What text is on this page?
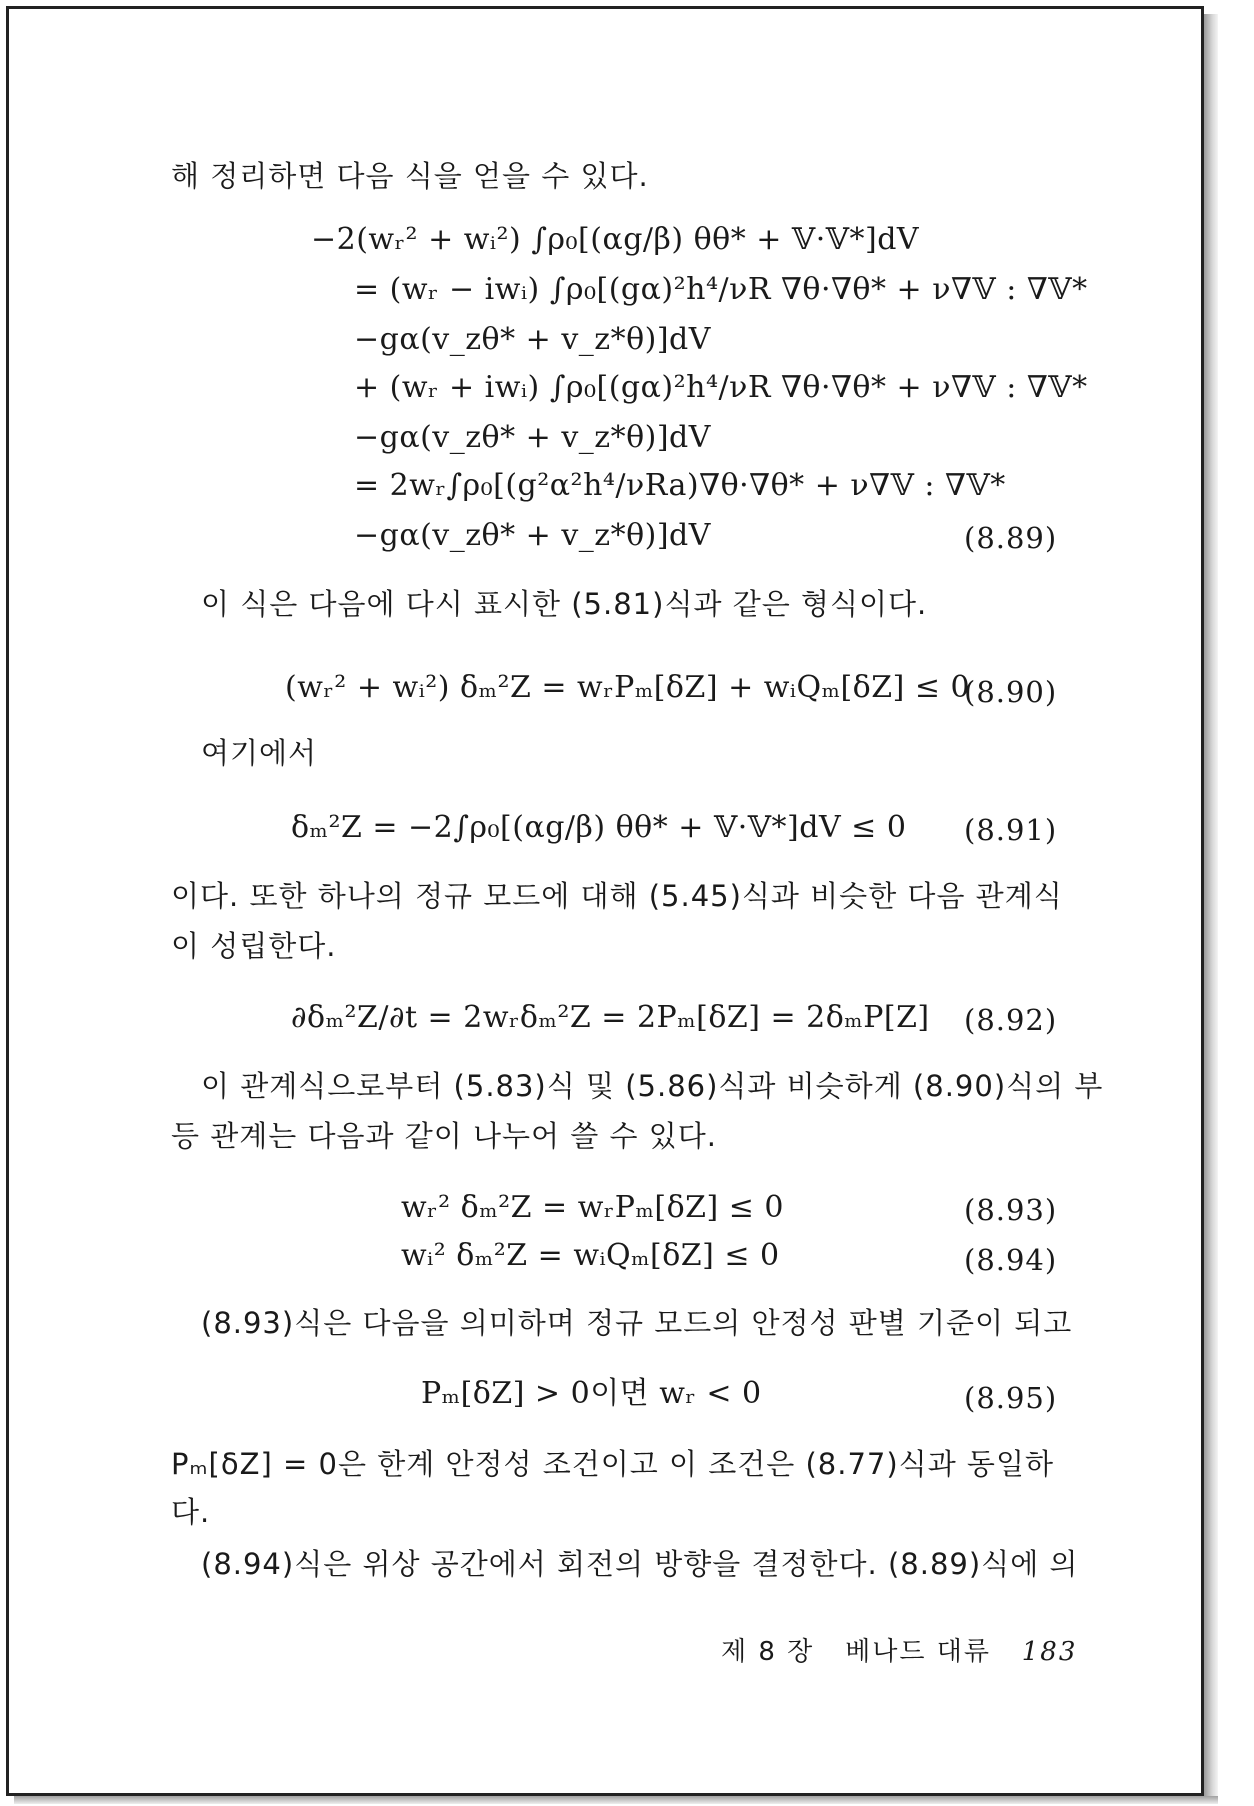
해 정리하면 다음 식을 얻을 수 있다.
−2(wᵣ² + wᵢ²) ∫ρ₀[(αg/β) θθ* + 𝕍·𝕍*]dV
= (wᵣ − iwᵢ) ∫ρ₀[(gα)²h⁴/νR ∇θ·∇θ* + ν∇𝕍 : ∇𝕍*
−gα(v_zθ* + v_z*θ)]dV
+ (wᵣ + iwᵢ) ∫ρ₀[(gα)²h⁴/νR ∇θ·∇θ* + ν∇𝕍 : ∇𝕍*
−gα(v_zθ* + v_z*θ)]dV
= 2wᵣ∫ρ₀[(g²α²h⁴/νRa)∇θ·∇θ* + ν∇𝕍 : ∇𝕍*
−gα(v_zθ* + v_z*θ)]dV	(8.89)
이 식은 다음에 다시 표시한 (5.81)식과 같은 형식이다.
(wᵣ² + wᵢ²) δₘ²Z = wᵣPₘ[δZ] + wᵢQₘ[δZ] ≤ 0
(8.90)
여기에서
δₘ²Z = −2∫ρ₀[(αg/β) θθ* + 𝕍·𝕍*]dV ≤ 0 (8.91)
이다. 또한 하나의 정규 모드에 대해 (5.45)식과 비슷한 다음 관계식
이 성립한다.
∂δₘ²Z/∂t = 2wᵣδₘ²Z = 2Pₘ[δZ] = 2δₘP[Z] (8.92)
이 관계식으로부터 (5.83)식 및 (5.86)식과 비슷하게 (8.90)식의 부
등 관계는 다음과 같이 나누어 쓸 수 있다.
wᵣ² δₘ²Z = wᵣPₘ[δZ] ≤ 0	(8.93)
wᵢ² δₘ²Z = wᵢQₘ[δZ] ≤ 0	(8.94)
(8.93)식은 다음을 의미하며 정규 모드의 안정성 판별 기준이 되고
Pₘ[δZ] > 0이면 wᵣ < 0	(8.95)
Pₘ[δZ] = 0은 한계 안정성 조건이고 이 조건은 (8.77)식과 동일하
다.
(8.94)식은 위상 공간에서 회전의 방향을 결정한다. (8.89)식에 의
제 8 장 베나드 대류 183
